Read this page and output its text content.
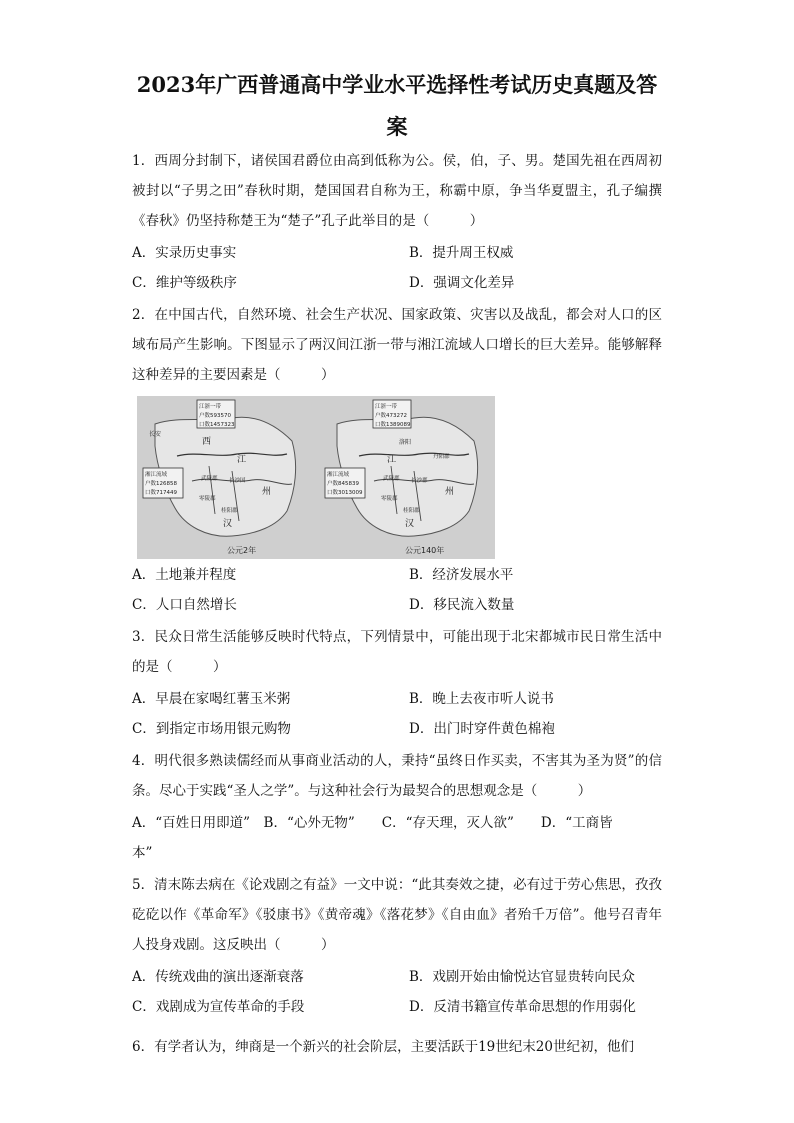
2023年广西普通高中学业水平选择性考试历史真题及答
案
1．西周分封制下，诸侯国君爵位由高到低称为公。侯，伯，子、男。楚国先祖在西周初被封以“子男之田”春秋时期，楚国国君自称为王，称霸中原，争当华夏盟主，孔子编撰《春秋》仍坚持称楚王为“楚子”孔子此举目的是（　　　）
A．实录历史事实	B．提升周王权威
C．维护等级秩序	D．强调文化差异
2．在中国古代，自然环境、社会生产状况、国家政策、灾害以及战乱，都会对人口的区域布局产生影响。下图显示了两汉间江浙一带与湘江流域人口增长的巨大差异。能够解释这种差异的主要因素是（　　　）
湘江流域
户数126858
口数717449
江浙一带
户数593570
口数1457323
长安
西
武陵郡 长沙国
零陵郡
桂阳郡
汉
州
江
公元2年
湘江流域
户数845839
口数3013009
江浙一带
户数473272
口数1389089
洛阳
江
武陵郡 长沙郡
零陵郡
桂阳郡
汉
丹阳郡
州
公元140年
A．土地兼并程度	B．经济发展水平
C．人口自然增长	D．移民流入数量
3．民众日常生活能够反映时代特点，下列情景中，可能出现于北宋都城市民日常生活中的是（　　　）
A．早晨在家喝红薯玉米粥	B．晚上去夜市听人说书
C．到指定市场用银元购物	D．出门时穿件黄色棉袍
4．明代很多熟读儒经而从事商业活动的人，秉持“虽终日作买卖，不害其为圣为贤”的信条。尽心于实践“圣人之学”。与这种社会行为最契合的思想观念是（　　　）
A．“百姓日用即道”　B．“心外无物”　　C．“存天理，灭人欲”　　D．“工商皆
本”
5．清末陈去病在《论戏剧之有益》一文中说：“此其奏效之捷，必有过于劳心焦思，孜孜矻矻以作《革命军》《驳康书》《黄帝魂》《落花梦》《自由血》者殆千万倍”。他号召青年人投身戏剧。这反映出（　　　）
A．传统戏曲的演出逐渐衰落	B．戏剧开始由愉悦达官显贵转向民众
C．戏剧成为宣传革命的手段	D．反清书籍宣传革命思想的作用弱化
6．有学者认为，绅商是一个新兴的社会阶层，主要活跃于19世纪末20世纪初，他们
